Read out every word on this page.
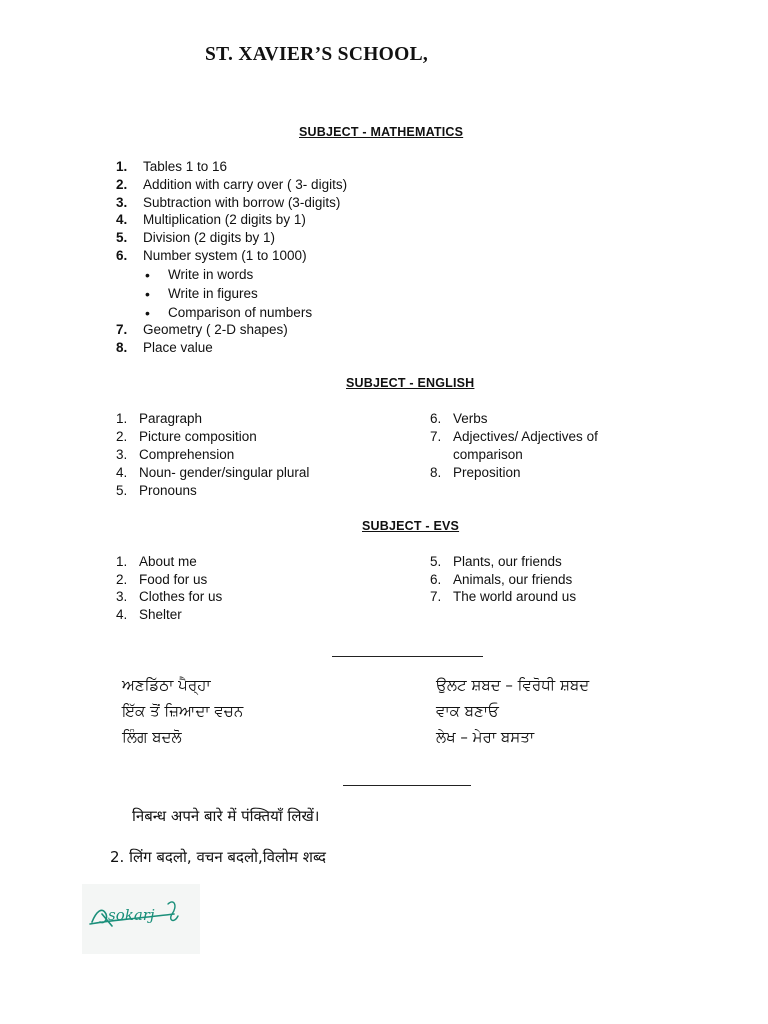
ST. XAVIER’S SCHOOL,
SUBJECT - MATHEMATICS
1. Tables 1 to 16
2. Addition with carry over ( 3- digits)
3. Subtraction with borrow (3-digits)
4. Multiplication (2 digits by 1)
5. Division (2 digits by 1)
6. Number system (1 to 1000)
• Write in words
• Write in figures
• Comparison of numbers
7. Geometry ( 2-D shapes)
8. Place value
SUBJECT - ENGLISH
1. Paragraph
2. Picture composition
3. Comprehension
4. Noun- gender/singular plural
5. Pronouns
6. Verbs
7. Adjectives/ Adjectives of
comparison
8. Preposition
SUBJECT - EVS
1. About me
2. Food for us
3. Clothes for us
4. Shelter
5. Plants, our friends
6. Animals, our friends
7. The world around us
ਅਣਡਿੱਠਾ ਪੈਰ੍ਹਾ
ਇੱਕ ਤੋਂ ਜ਼ਿਆਦਾ ਵਚਨ
ਲਿੰਗ ਬਦਲੋ
ਉਲਟ ਸ਼ਬਦ – ਵਿਰੋਧੀ ਸ਼ਬਦ
ਵਾਕ ਬਣਾਓ
ਲੇਖ – ਮੇਰਾ ਬਸਤਾ
निबन्ध अपने बारे में पंक्तियाँ लिखें।
2. लिंग बदलो, वचन बदलो,विलोम शब्द
sokarj
